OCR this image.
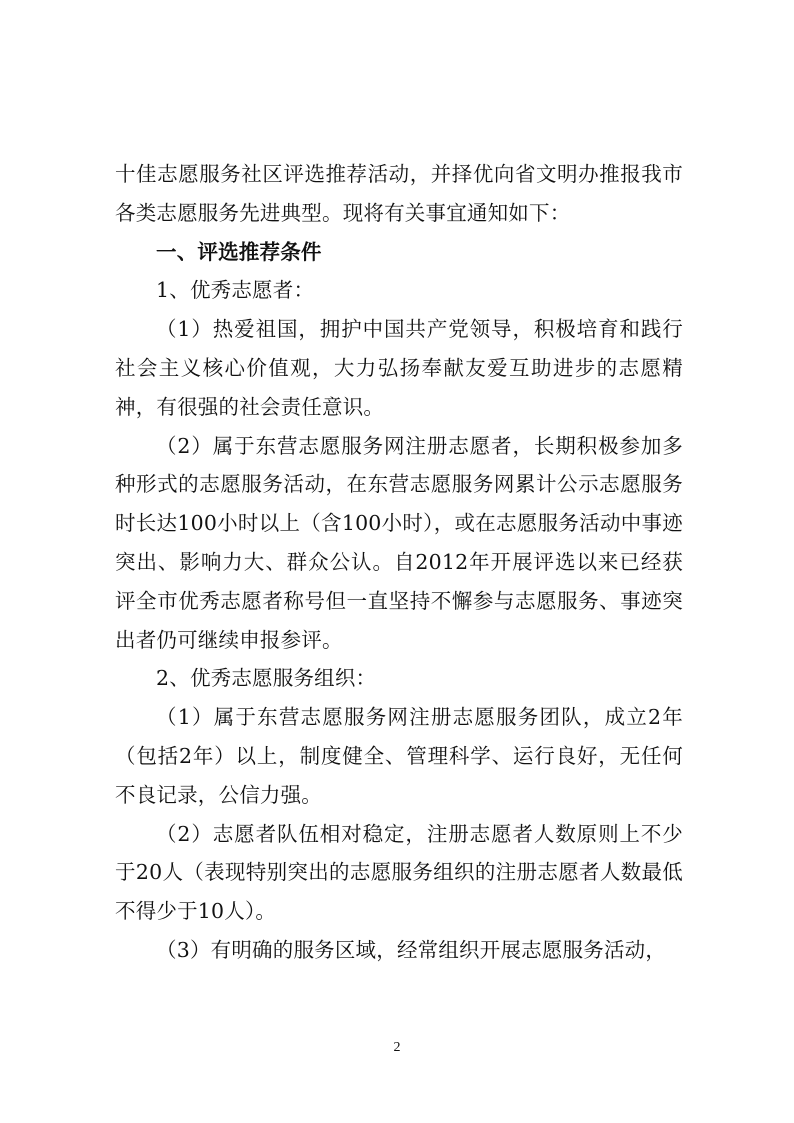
十佳志愿服务社区评选推荐活动，并择优向省文明办推报我市各类志愿服务先进典型。现将有关事宜通知如下：

一、评选推荐条件

1、优秀志愿者：

（1）热爱祖国，拥护中国共产党领导，积极培育和践行社会主义核心价值观，大力弘扬奉献友爱互助进步的志愿精神，有很强的社会责任意识。

（2）属于东营志愿服务网注册志愿者，长期积极参加多种形式的志愿服务活动，在东营志愿服务网累计公示志愿服务时长达100小时以上（含100小时），或在志愿服务活动中事迹突出、影响力大、群众公认。自2012年开展评选以来已经获评全市优秀志愿者称号但一直坚持不懈参与志愿服务、事迹突出者仍可继续申报参评。

2、优秀志愿服务组织：

（1）属于东营志愿服务网注册志愿服务团队，成立2年（包括2年）以上，制度健全、管理科学、运行良好，无任何不良记录，公信力强。

（2）志愿者队伍相对稳定，注册志愿者人数原则上不少于20人（表现特别突出的志愿服务组织的注册志愿者人数最低不得少于10人）。

（3）有明确的服务区域，经常组织开展志愿服务活动，

2
